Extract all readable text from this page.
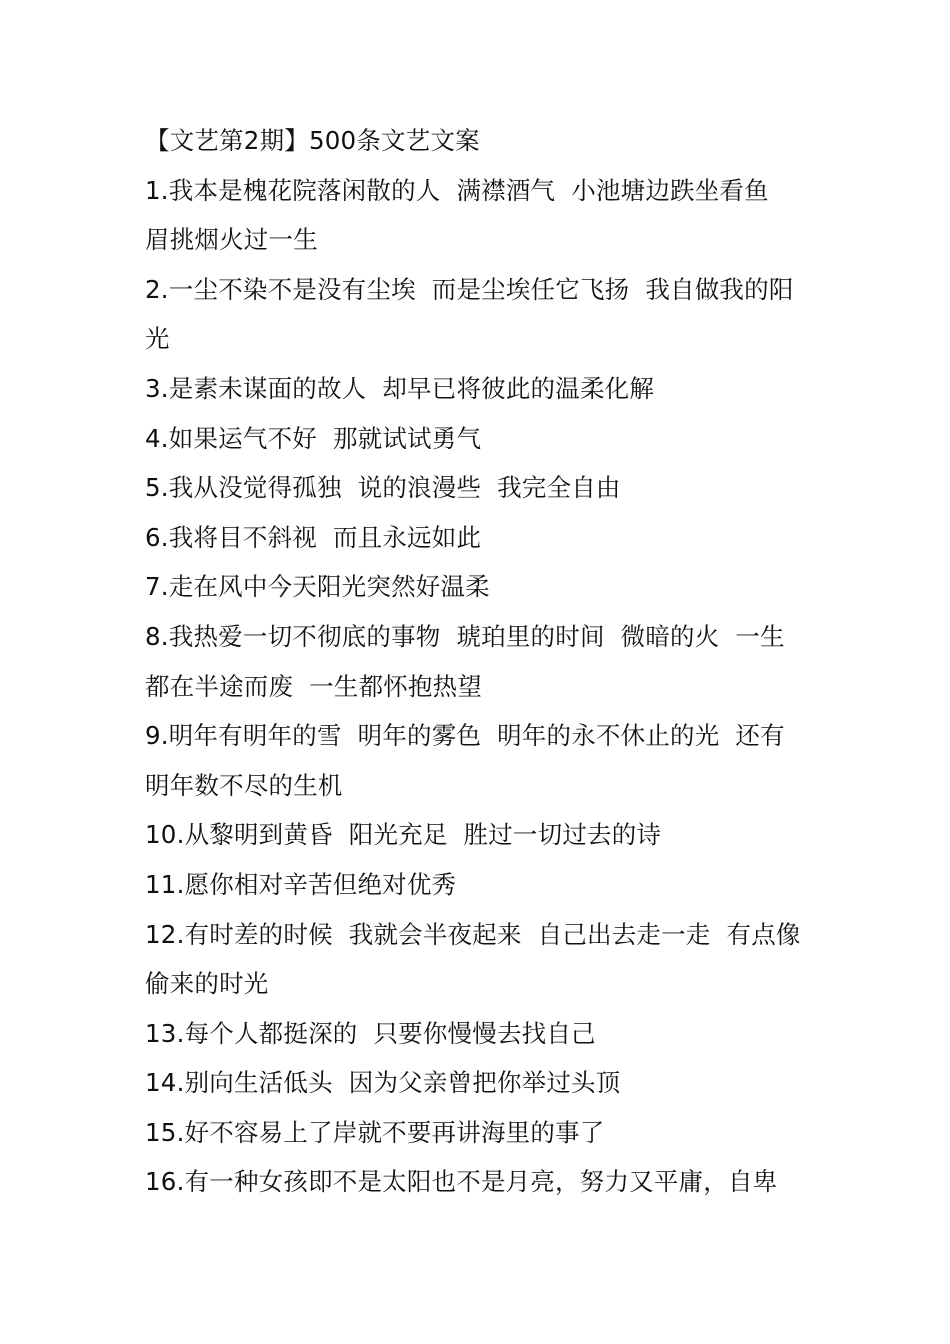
【文艺第2期】500条文艺文案
1.我本是槐花院落闲散的人  满襟酒气  小池塘边跌坐看鱼
眉挑烟火过一生
2.一尘不染不是没有尘埃  而是尘埃任它飞扬  我自做我的阳
光
3.是素未谋面的故人  却早已将彼此的温柔化解
4.如果运气不好  那就试试勇气
5.我从没觉得孤独  说的浪漫些  我完全自由
6.我将目不斜视  而且永远如此
7.走在风中今天阳光突然好温柔
8.我热爱一切不彻底的事物  琥珀里的时间  微暗的火  一生
都在半途而废  一生都怀抱热望
9.明年有明年的雪  明年的雾色  明年的永不休止的光  还有
明年数不尽的生机
10.从黎明到黄昏  阳光充足  胜过一切过去的诗
11.愿你相对辛苦但绝对优秀
12.有时差的时候  我就会半夜起来  自己出去走一走  有点像
偷来的时光
13.每个人都挺深的  只要你慢慢去找自己
14.别向生活低头  因为父亲曾把你举过头顶
15.好不容易上了岸就不要再讲海里的事了
16.有一种女孩即不是太阳也不是月亮，努力又平庸，自卑
